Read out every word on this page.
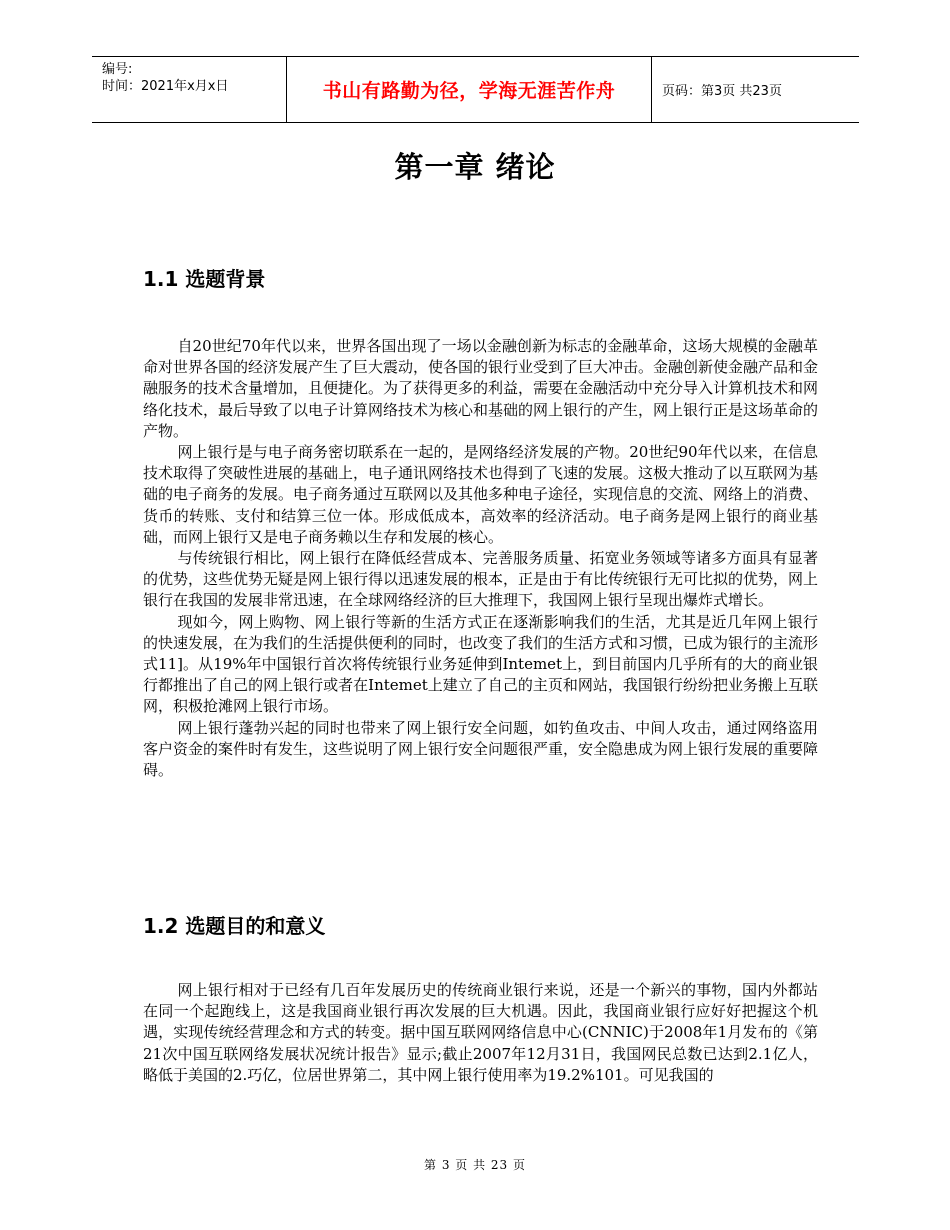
编号:
时间：2021年x月x日	书山有路勤为径，学海无涯苦作舟	页码：第3页 共23页
第一章 绪论
1.1 选题背景

自20世纪70年代以来，世界各国出现了一场以金融创新为标志的金融革命，这场大规模的金融革命对世界各国的经济发展产生了巨大震动，使各国的银行业受到了巨大冲击。金融创新使金融产品和金融服务的技术含量增加，且便捷化。为了获得更多的利益，需要在金融活动中充分导入计算机技术和网络化技术，最后导致了以电子计算网络技术为核心和基础的网上银行的产生，网上银行正是这场革命的产物。

网上银行是与电子商务密切联系在一起的，是网络经济发展的产物。20世纪90年代以来，在信息技术取得了突破性进展的基础上，电子通讯网络技术也得到了飞速的发展。这极大推动了以互联网为基础的电子商务的发展。电子商务通过互联网以及其他多种电子途径，实现信息的交流、网络上的消费、货币的转账、支付和结算三位一体。形成低成本，高效率的经济活动。电子商务是网上银行的商业基础，而网上银行又是电子商务赖以生存和发展的核心。

与传统银行相比，网上银行在降低经营成本、完善服务质量、拓宽业务领域等诸多方面具有显著的优势，这些优势无疑是网上银行得以迅速发展的根本，正是由于有比传统银行无可比拟的优势，网上银行在我国的发展非常迅速，在全球网络经济的巨大推理下，我国网上银行呈现出爆炸式增长。

现如今，网上购物、网上银行等新的生活方式正在逐渐影响我们的生活，尤其是近几年网上银行的快速发展，在为我们的生活提供便利的同时，也改变了我们的生活方式和习惯，已成为银行的主流形式11]。从19%年中国银行首次将传统银行业务延伸到Intemet上，到目前国内几乎所有的大的商业银行都推出了自己的网上银行或者在Intemet上建立了自己的主页和网站，我国银行纷纷把业务搬上互联网，积极抢滩网上银行市场。

网上银行蓬勃兴起的同时也带来了网上银行安全问题，如钓鱼攻击、中间人攻击，通过网络盗用客户资金的案件时有发生，这些说明了网上银行安全问题很严重，安全隐患成为网上银行发展的重要障碍。

1.2 选题目的和意义

网上银行相对于已经有几百年发展历史的传统商业银行来说，还是一个新兴的事物，国内外都站在同一个起跑线上，这是我国商业银行再次发展的巨大机遇。因此，我国商业银行应好好把握这个机遇，实现传统经营理念和方式的转变。据中国互联网网络信息中心(CNNIC)于2008年1月发布的《第21次中国互联网络发展状况统计报告》显示;截止2007年12月31日，我国网民总数已达到2.1亿人，略低于美国的2.巧亿，位居世界第二，其中网上银行使用率为19.2%101。可见我国的

第 3 页 共 23 页
